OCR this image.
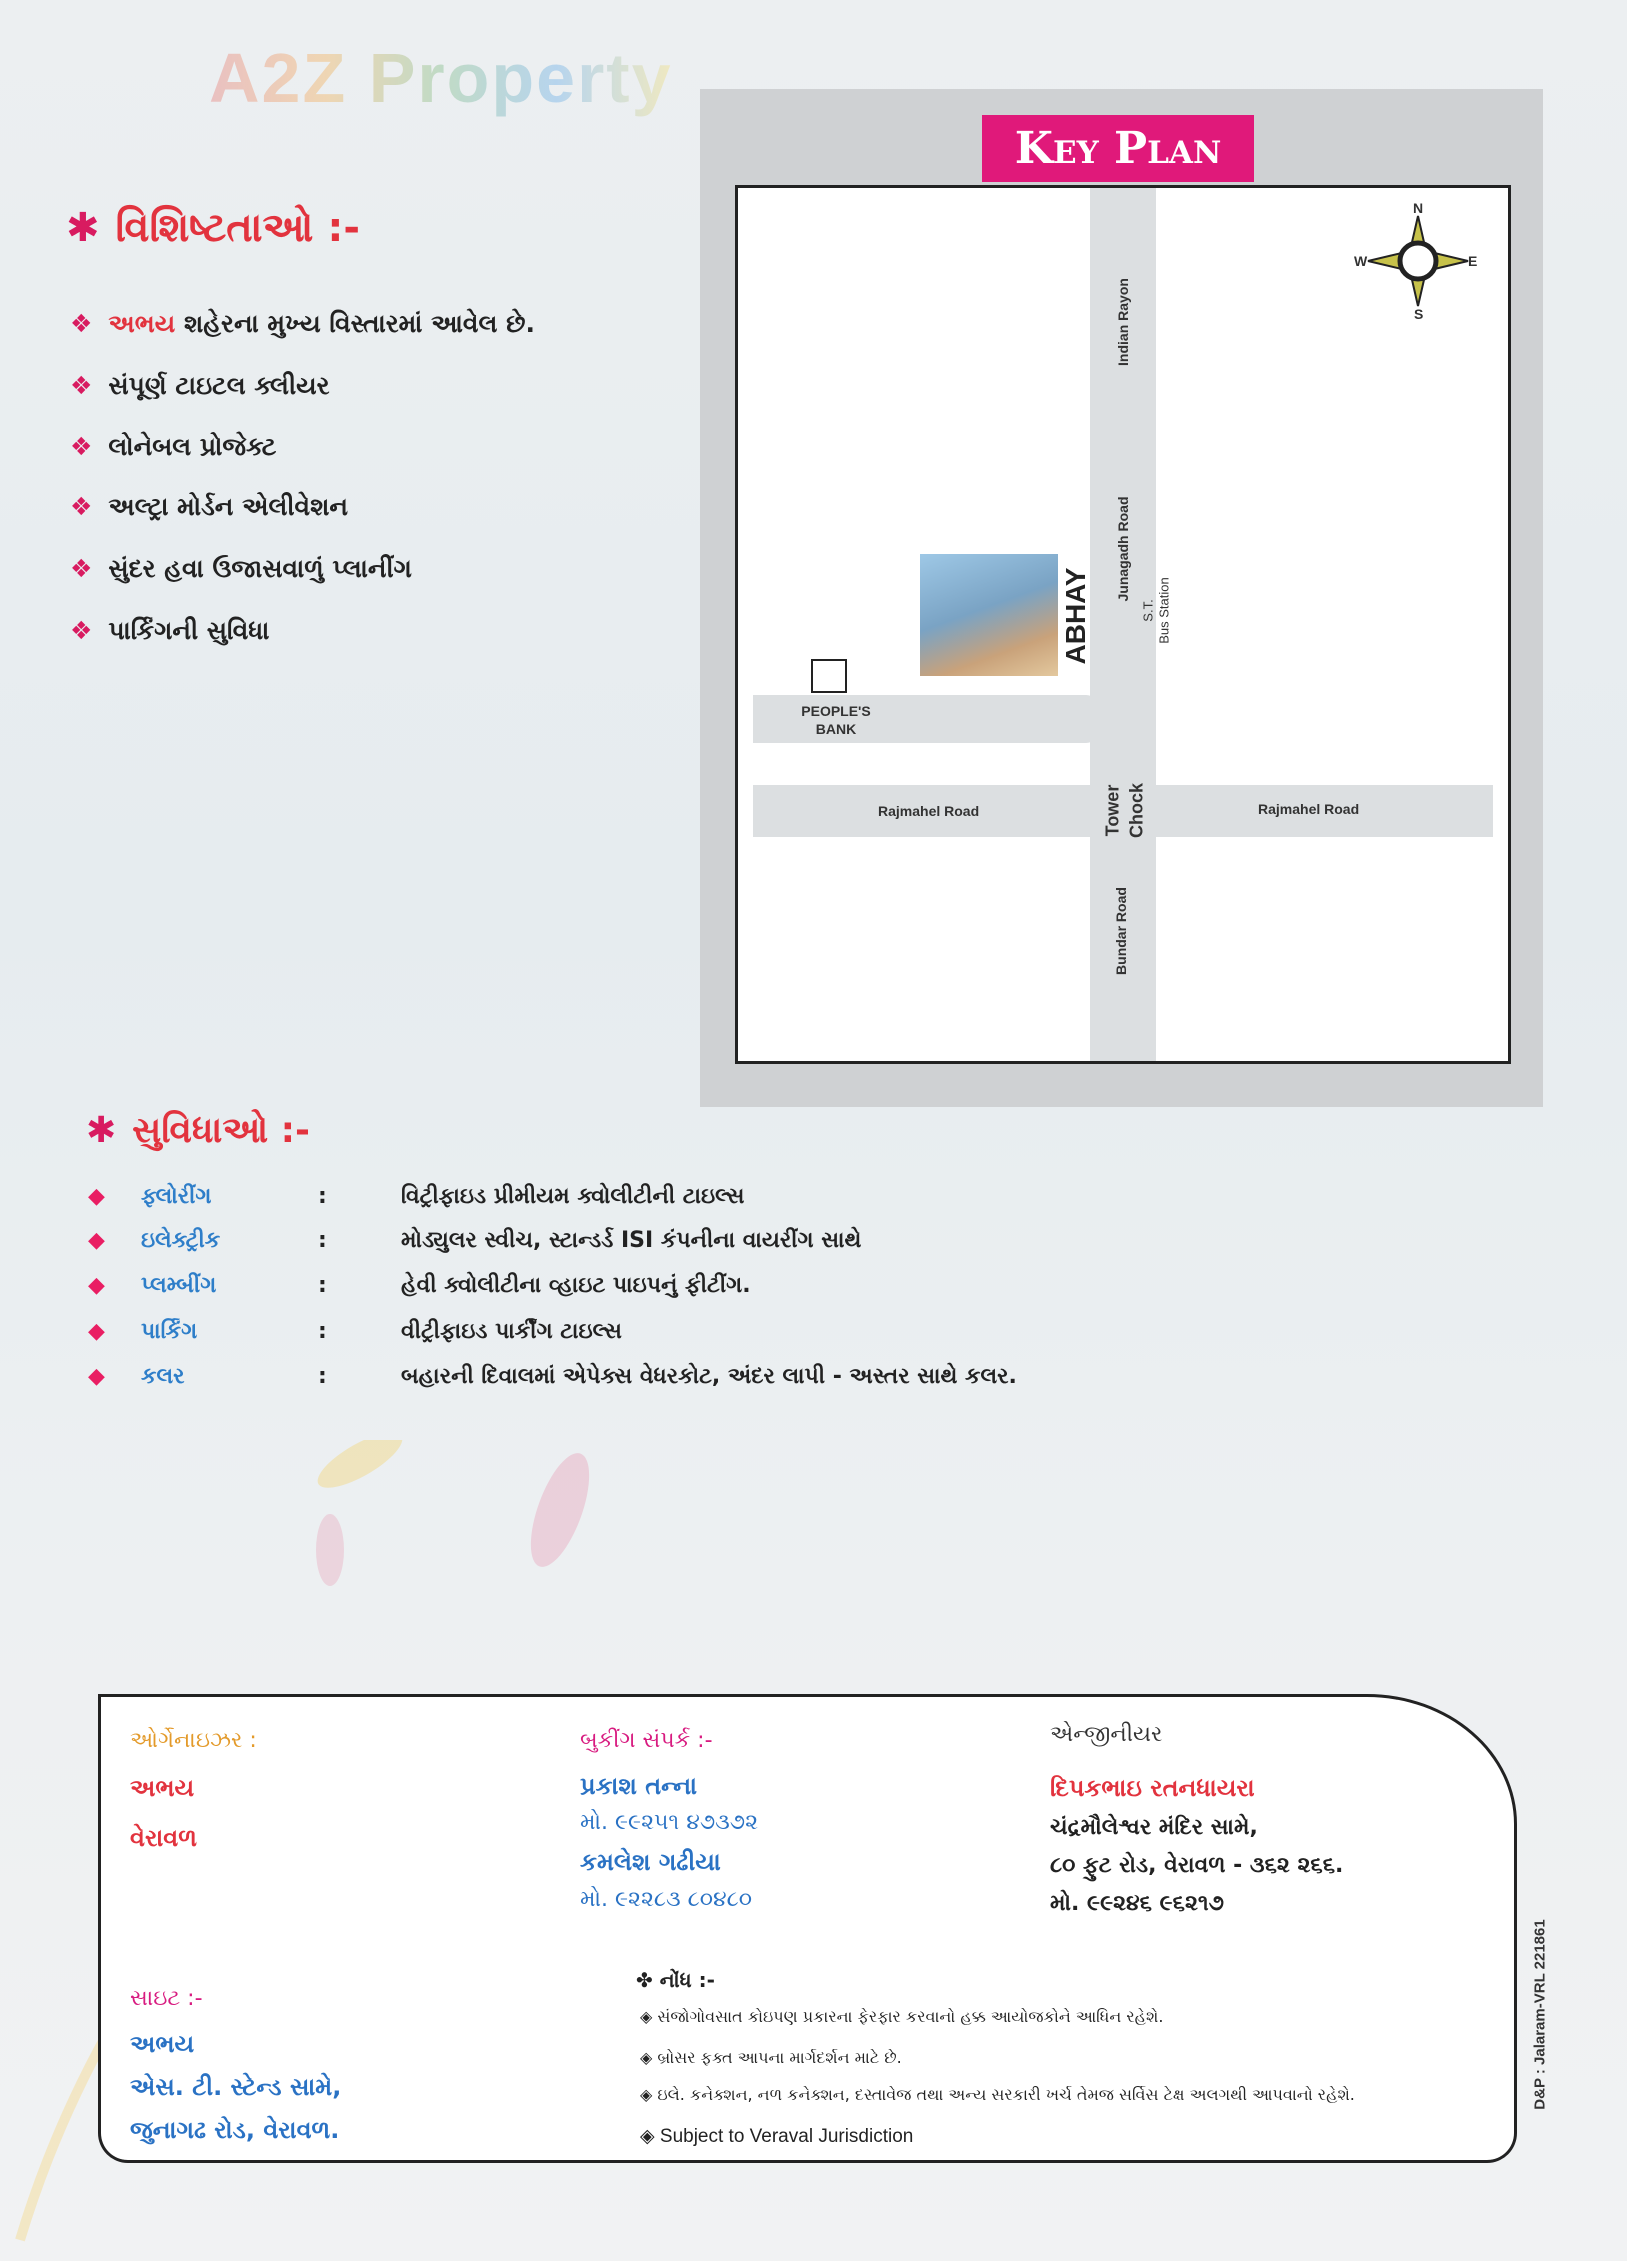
A2Z Property
✱ વિશિષ્ટતાઓ :-
❖ અભય શહેરના મુખ્ય વિસ્તારમાં આવેલ છે.
❖ સંપૂર્ણ ટાઇટલ ક્લીયર
❖ લોનેબલ પ્રોજેક્ટ
❖ અલ્ટ્રા મોર્ડન એલીવેશન
❖ સુંદર હવા ઉજાસવાળું પ્લાનીંગ
❖ પાર્કિંગની સુવિધા
Key Plan
Indian Rayon
Junagadh Road
S.T. Bus Station
ABHAY
PEOPLE'S
BANK
Rajmahel Road	Rajmahel Road
Tower Chock
Bundar Road
N
S
E
W
✱ સુવિધાઓ :-
◆ ફ્લોરીંગ	:	વિટ્રીફાઇડ પ્રીમીયમ ક્વોલીટીની ટાઇલ્સ
◆ ઇલેક્ટ્રીક	:	મોડ્યુલર સ્વીચ, સ્ટાન્ડર્ડ ISI કંપનીના વાયરીંગ સાથે
◆ પ્લમ્બીંગ	:	હેવી ક્વોલીટીના વ્હાઇટ પાઇપનું ફીટીંગ.
◆ પાર્કિંગ	:	વીટ્રીફાઇડ પાર્કીંગ ટાઇલ્સ
◆ કલર	:	બહારની દિવાલમાં એપેક્સ વેધરકોટ, અંદર લાપી - અસ્તર સાથે કલર.
ઓર્ગેનાઇઝર :
અભય
વેરાવળ
બુકીંગ સંપર્ક :-
પ્રકાશ તન્ના
મો. ૯૯૨૫૧ ૪૭૩૭૨
કમલેશ ગઢીયા
મો. ૯૨૨૮૩ ૮૦૪૮૦
એન્જીનીયર
દિપકભાઇ રતનધાયરા
ચંદ્રમૌલેશ્વર મંદિર સામે,
૮૦ ફુટ રોડ, વેરાવળ - ૩૬૨ ૨૬૬.
મો. ૯૯૨૪૬ ૯૬૨૧૭
સાઇટ :-
અભય
એસ. ટી. સ્ટેન્ડ સામે,
જુનાગઢ રોડ, વેરાવળ.
✤ નોંધ :-
◈ સંજોગોવસાત કોઇપણ પ્રકારના ફેરફાર કરવાનો હક્ક આયોજકોને આધિન રહેશે.
◈ બ્રોસર ફક્ત આપના માર્ગદર્શન માટે છે.
◈ ઇલે. કનેક્શન, નળ કનેક્શન, દસ્તાવેજ તથા અન્ય સરકારી ખર્ચ તેમજ સર્વિસ ટેક્ષ અલગથી આપવાનો રહેશે.
◈ Subject to Veraval Jurisdiction
D&P : Jalaram-VRL 221861
